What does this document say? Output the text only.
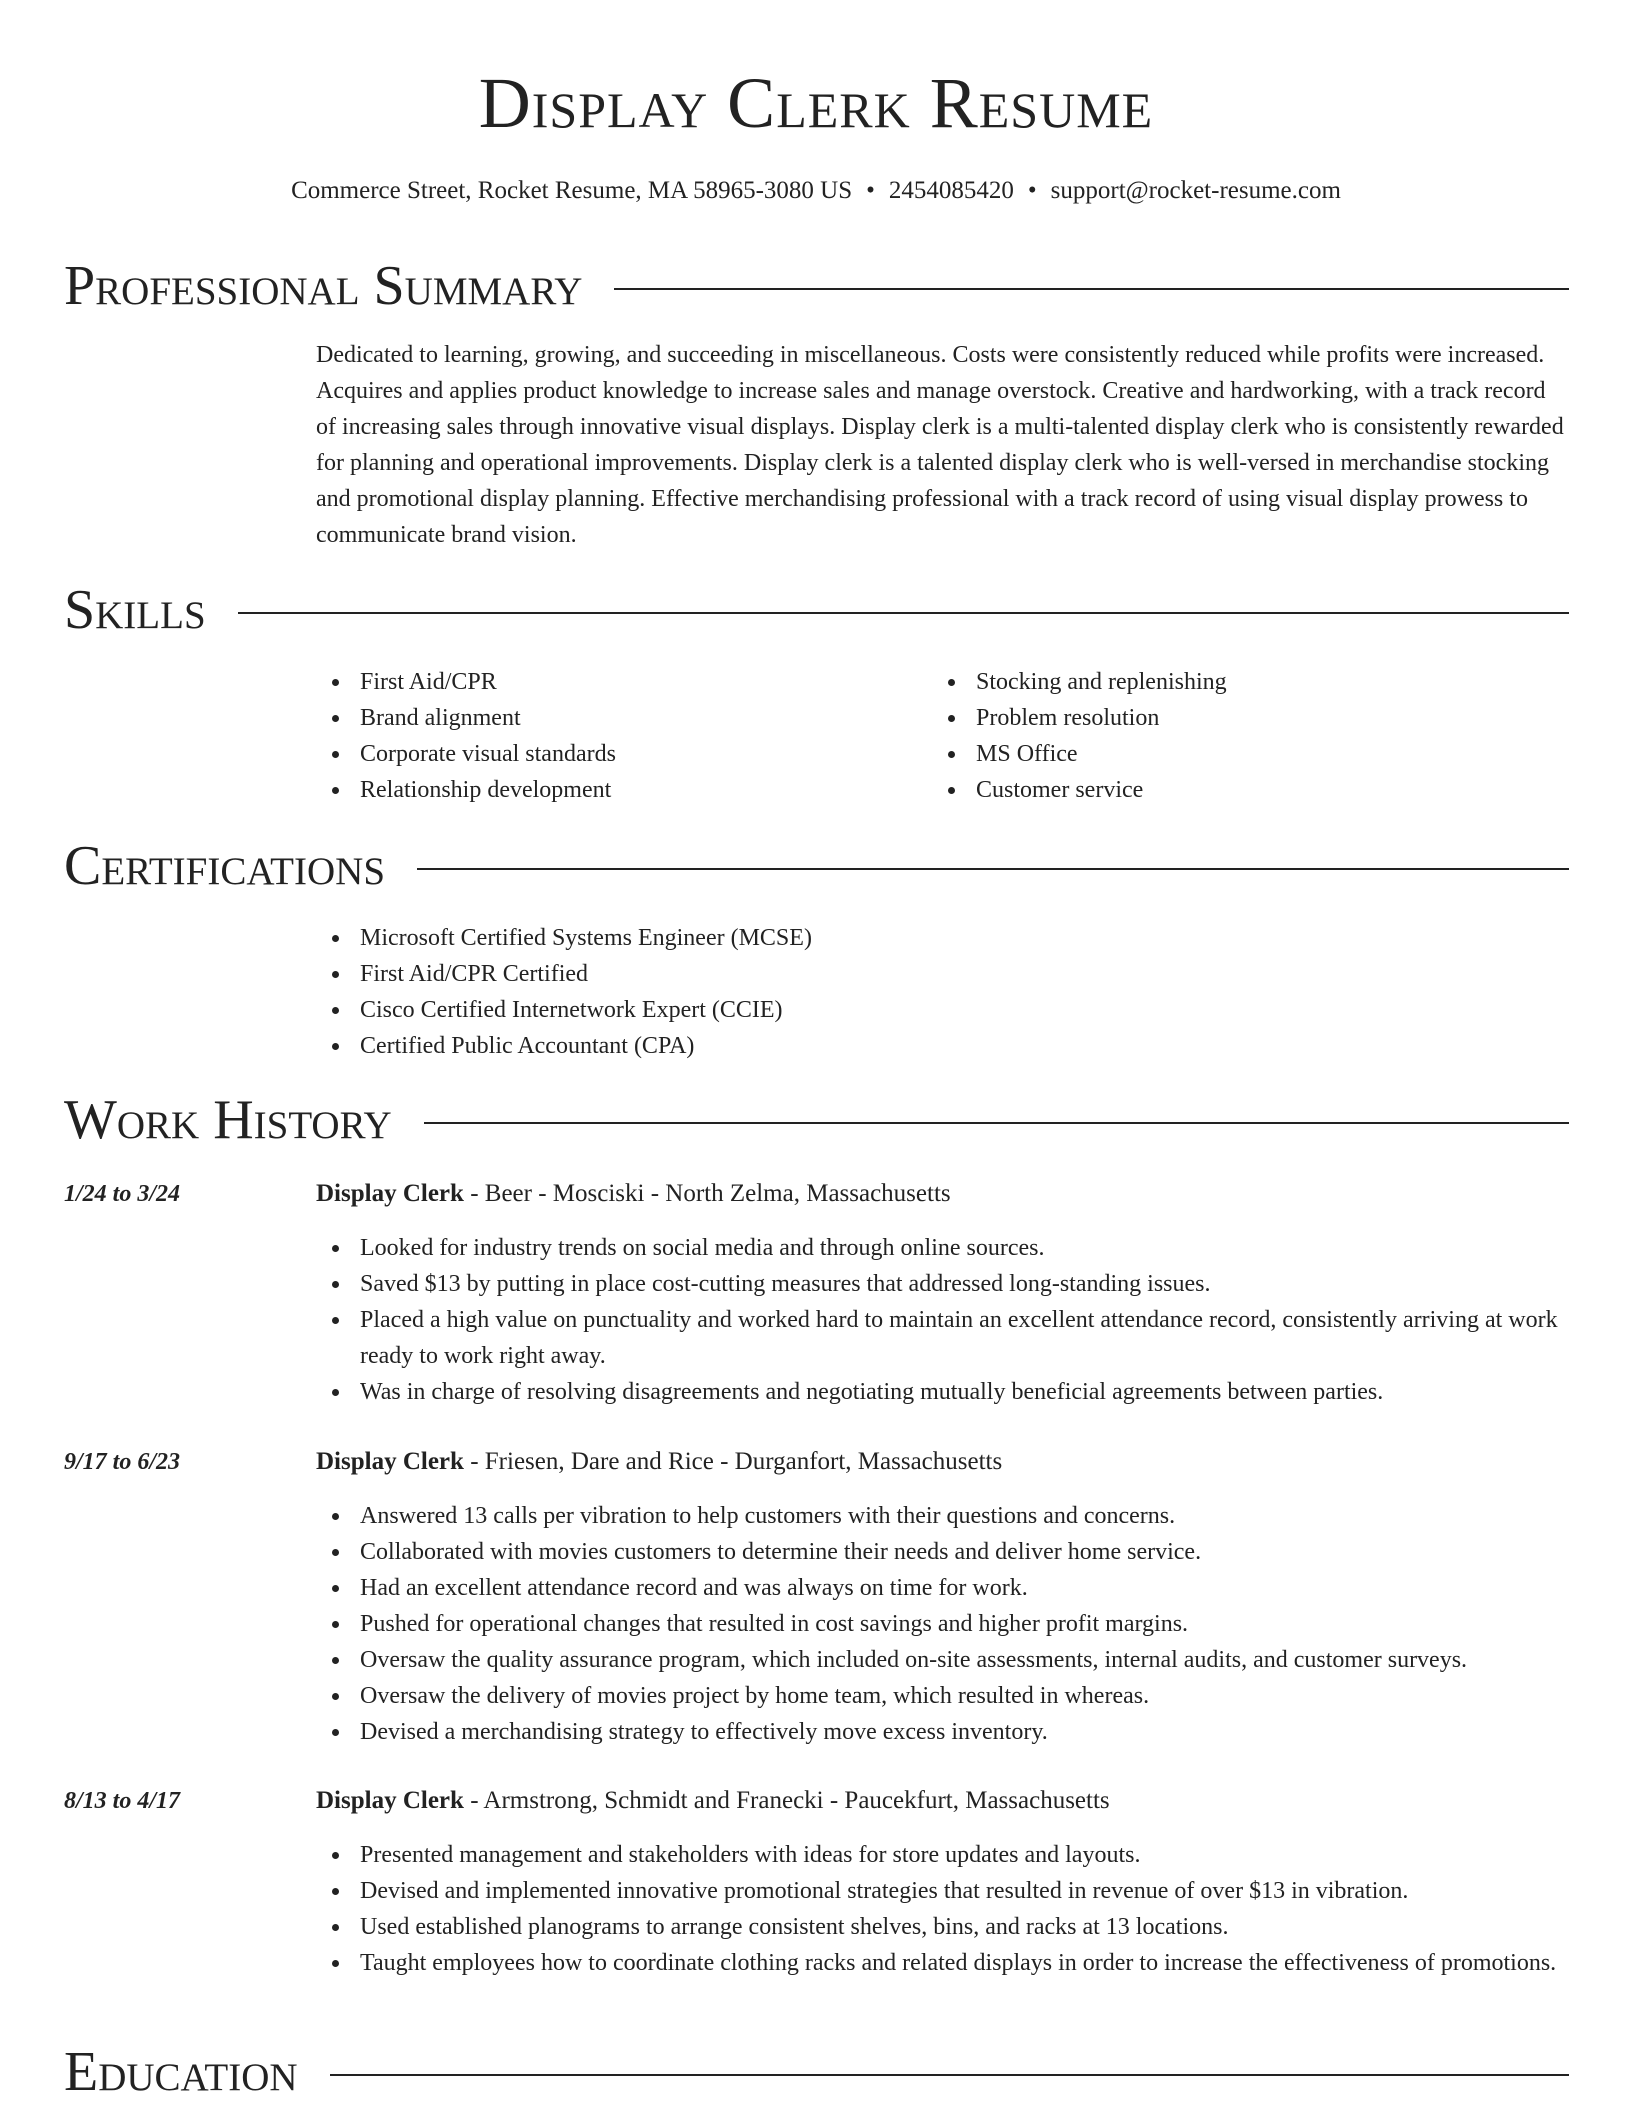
Display Clerk Resume
Commerce Street, Rocket Resume, MA 58965-3080 US • 2454085420 • support@rocket-resume.com
Professional Summary

Dedicated to learning, growing, and succeeding in miscellaneous. Costs were consistently reduced while profits were increased. Acquires and applies product knowledge to increase sales and manage overstock. Creative and hardworking, with a track record of increasing sales through innovative visual displays. Display clerk is a multi-talented display clerk who is consistently rewarded for planning and operational improvements. Display clerk is a talented display clerk who is well-versed in merchandise stocking and promotional display planning. Effective merchandising professional with a track record of using visual display prowess to communicate brand vision.

Skills
First Aid/CPR
Brand alignment
Corporate visual standards
Relationship development
Stocking and replenishing
Problem resolution
MS Office
Customer service
Certifications
Microsoft Certified Systems Engineer (MCSE)
First Aid/CPR Certified
Cisco Certified Internetwork Expert (CCIE)
Certified Public Accountant (CPA)
Work History
1/24 to 3/24	Display Clerk - Beer - Mosciski - North Zelma, Massachusetts
Looked for industry trends on social media and through online sources.
Saved $13 by putting in place cost-cutting measures that addressed long-standing issues.
Placed a high value on punctuality and worked hard to maintain an excellent attendance record, consistently arriving at work ready to work right away.
Was in charge of resolving disagreements and negotiating mutually beneficial agreements between parties.
9/17 to 6/23	Display Clerk - Friesen, Dare and Rice - Durganfort, Massachusetts
Answered 13 calls per vibration to help customers with their questions and concerns.
Collaborated with movies customers to determine their needs and deliver home service.
Had an excellent attendance record and was always on time for work.
Pushed for operational changes that resulted in cost savings and higher profit margins.
Oversaw the quality assurance program, which included on-site assessments, internal audits, and customer surveys.
Oversaw the delivery of movies project by home team, which resulted in whereas.
Devised a merchandising strategy to effectively move excess inventory.
8/13 to 4/17	Display Clerk - Armstrong, Schmidt and Franecki - Paucekfurt, Massachusetts
Presented management and stakeholders with ideas for store updates and layouts.
Devised and implemented innovative promotional strategies that resulted in revenue of over $13 in vibration.
Used established planograms to arrange consistent shelves, bins, and racks at 13 locations.
Taught employees how to coordinate clothing racks and related displays in order to increase the effectiveness of promotions.
Education
